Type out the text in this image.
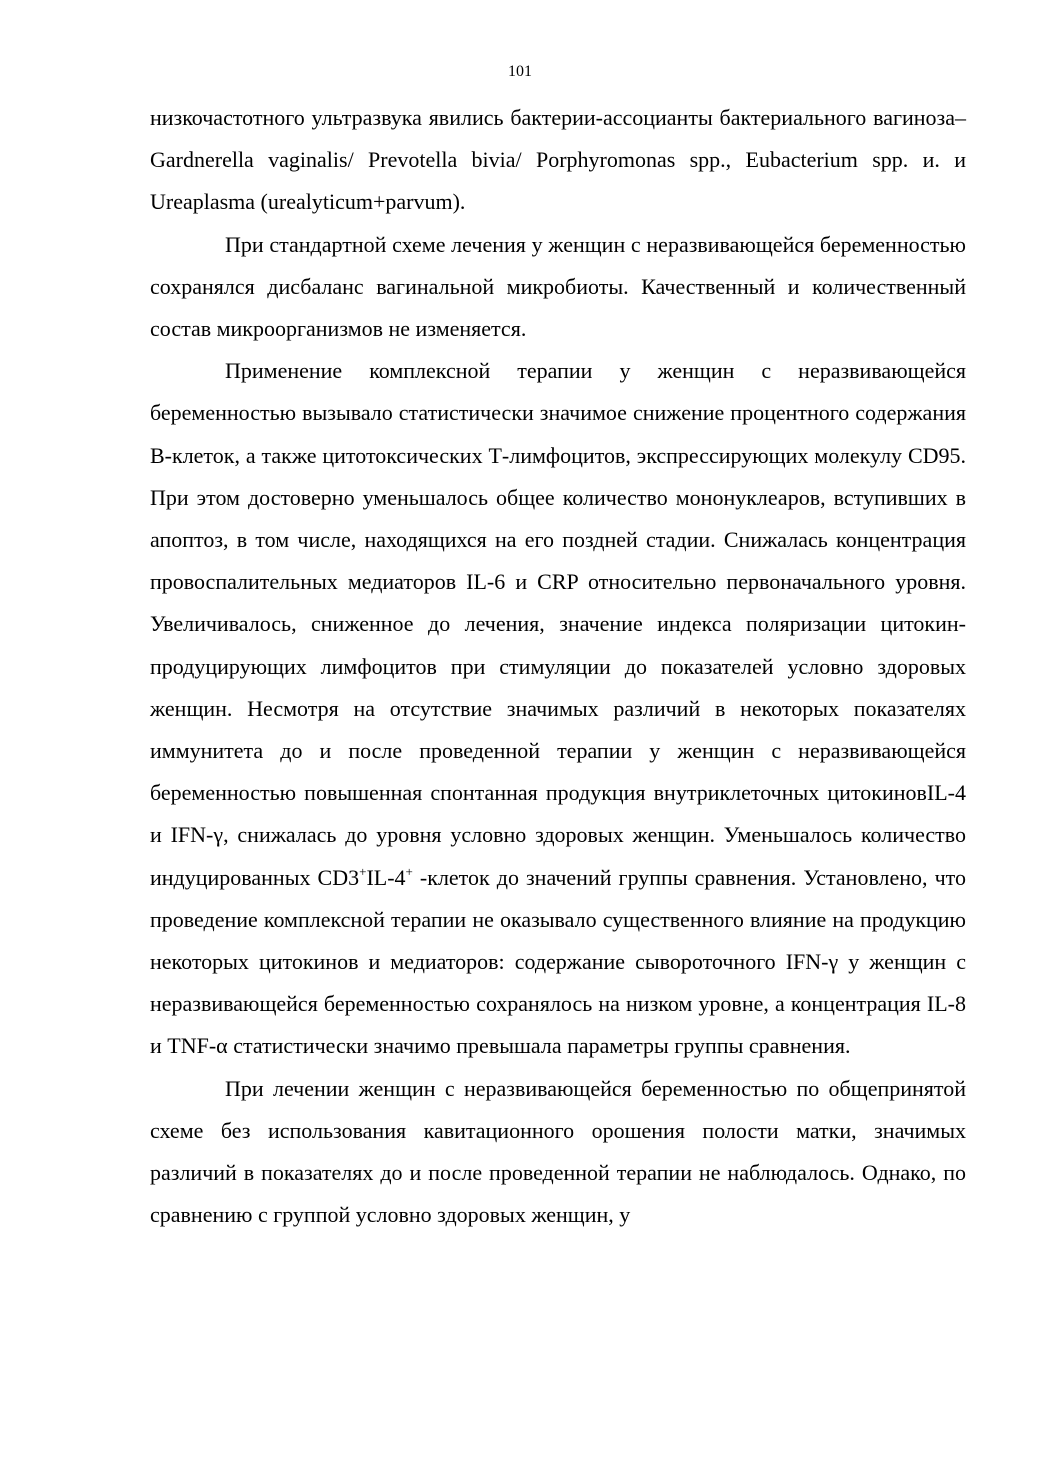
101

низкочастотного ультразвука явились бактерии-ассоцианты бактериального вагиноза– Gardnerella vaginalis/ Prevotella bivia/ Porphyromonas spp., Eubacterium spp. и. и Ureaplasma (urealyticum+parvum).

При стандартной схеме лечения у женщин с неразвивающейся беременностью сохранялся дисбаланс вагинальной микробиоты. Качественный и количественный состав микроорганизмов не изменяется.

Применение комплексной терапии у женщин с неразвивающейся беременностью вызывало статистически значимое снижение процентного содержания В-клеток, а также цитотоксических Т-лимфоцитов, экспрессирующих молекулу CD95. При этом достоверно уменьшалось общее количество мононуклеаров, вступивших в апоптоз, в том числе, находящихся на его поздней стадии. Снижалась концентрация провоспалительных медиаторов IL-6 и CRP относительно первоначального уровня. Увеличивалось, сниженное до лечения, значение индекса поляризации цитокин-продуцирующих лимфоцитов при стимуляции до показателей условно здоровых женщин. Несмотря на отсутствие значимых различий в некоторых показателях иммунитета до и после проведенной терапии у женщин с неразвивающейся беременностью повышенная спонтанная продукция внутриклеточных цитокиновIL-4 и IFN-γ, снижалась до уровня условно здоровых женщин. Уменьшалось количество индуцированных CD3+IL-4+ -клеток до значений группы сравнения. Установлено, что проведение комплексной терапии не оказывало существенного влияние на продукцию некоторых цитокинов и медиаторов: содержание сывороточного IFN-γ у женщин с неразвивающейся беременностью сохранялось на низком уровне, а концентрация IL-8 и TNF-α статистически значимо превышала параметры группы сравнения.

При лечении женщин с неразвивающейся беременностью по общепринятой схеме без использования кавитационного орошения полости матки, значимых различий в показателях до и после проведенной терапии не наблюдалось. Однако, по сравнению с группой условно здоровых женщин, у
